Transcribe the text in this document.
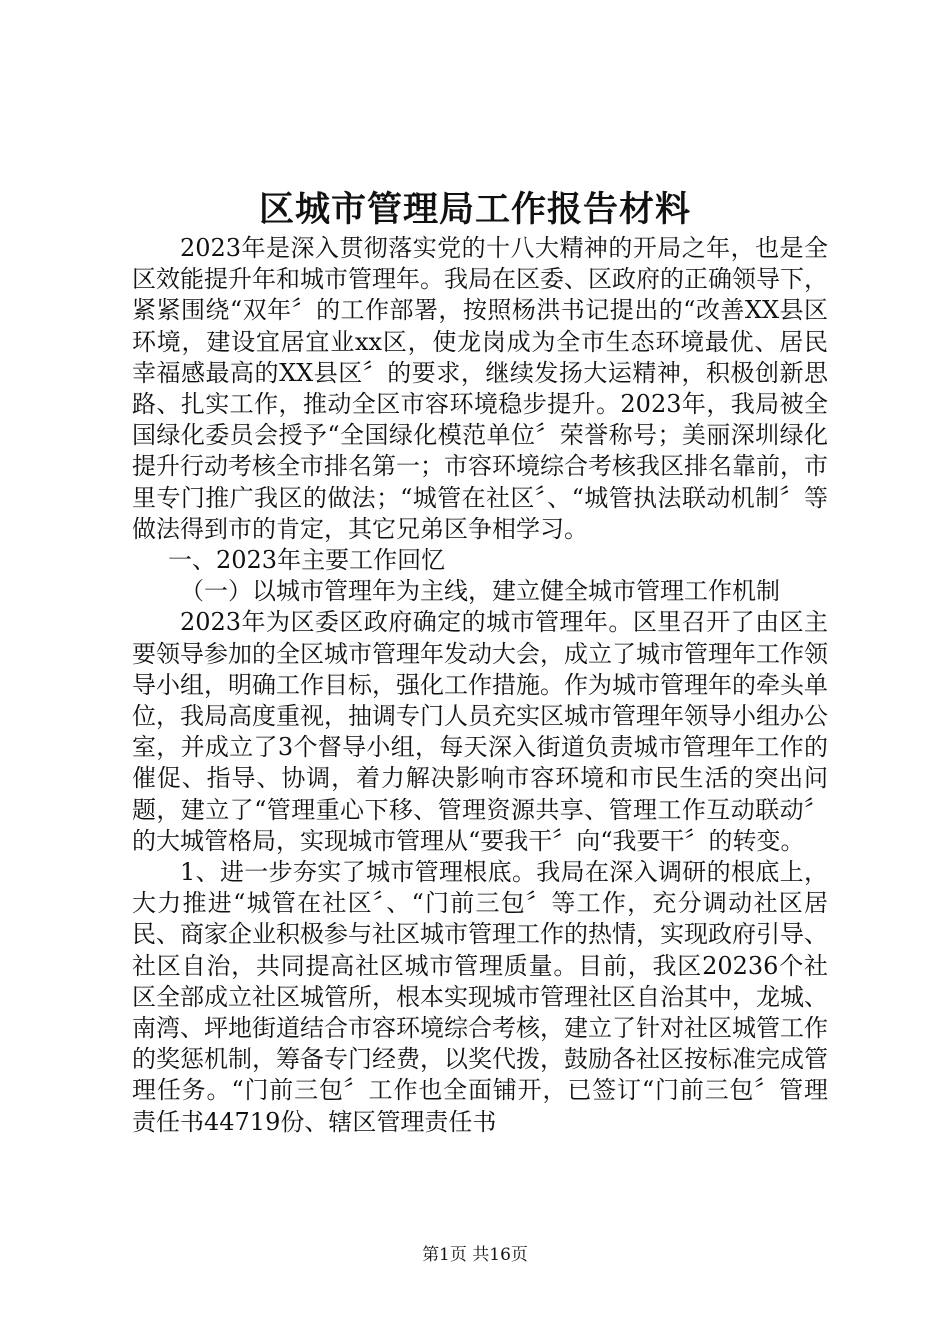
区城市管理局工作报告材料

2023年是深入贯彻落实党的十八大精神的开局之年，也是全区效能提升年和城市管理年。我局在区委、区政府的正确领导下，紧紧围绕“双年〞的工作部署，按照杨洪书记提出的“改善XX县区环境，建设宜居宜业xx区，使龙岗成为全市生态环境最优、居民幸福感最高的XX县区〞的要求，继续发扬大运精神，积极创新思路、扎实工作，推动全区市容环境稳步提升。2023年，我局被全国绿化委员会授予“全国绿化模范单位〞荣誉称号；美丽深圳绿化提升行动考核全市排名第一；市容环境综合考核我区排名靠前，市里专门推广我区的做法；“城管在社区〞、“城管执法联动机制〞等做法得到市的肯定，其它兄弟区争相学习。

一、2023年主要工作回忆

（一）以城市管理年为主线，建立健全城市管理工作机制

2023年为区委区政府确定的城市管理年。区里召开了由区主要领导参加的全区城市管理年发动大会，成立了城市管理年工作领导小组，明确工作目标，强化工作措施。作为城市管理年的牵头单位，我局高度重视，抽调专门人员充实区城市管理年领导小组办公室，并成立了3个督导小组，每天深入街道负责城市管理年工作的催促、指导、协调，着力解决影响市容环境和市民生活的突出问题，建立了“管理重心下移、管理资源共享、管理工作互动联动〞的大城管格局，实现城市管理从“要我干〞向“我要干〞的转变。

1、进一步夯实了城市管理根底。我局在深入调研的根底上，大力推进“城管在社区〞、“门前三包〞等工作，充分调动社区居民、商家企业积极参与社区城市管理工作的热情，实现政府引导、社区自治，共同提高社区城市管理质量。目前，我区20236个社区全部成立社区城管所，根本实现城市管理社区自治其中，龙城、南湾、坪地街道结合市容环境综合考核，建立了针对社区城管工作的奖惩机制，筹备专门经费，以奖代拨，鼓励各社区按标准完成管理任务。“门前三包〞工作也全面铺开，已签订“门前三包〞管理责任书44719份、辖区管理责任书

第1页 共16页
